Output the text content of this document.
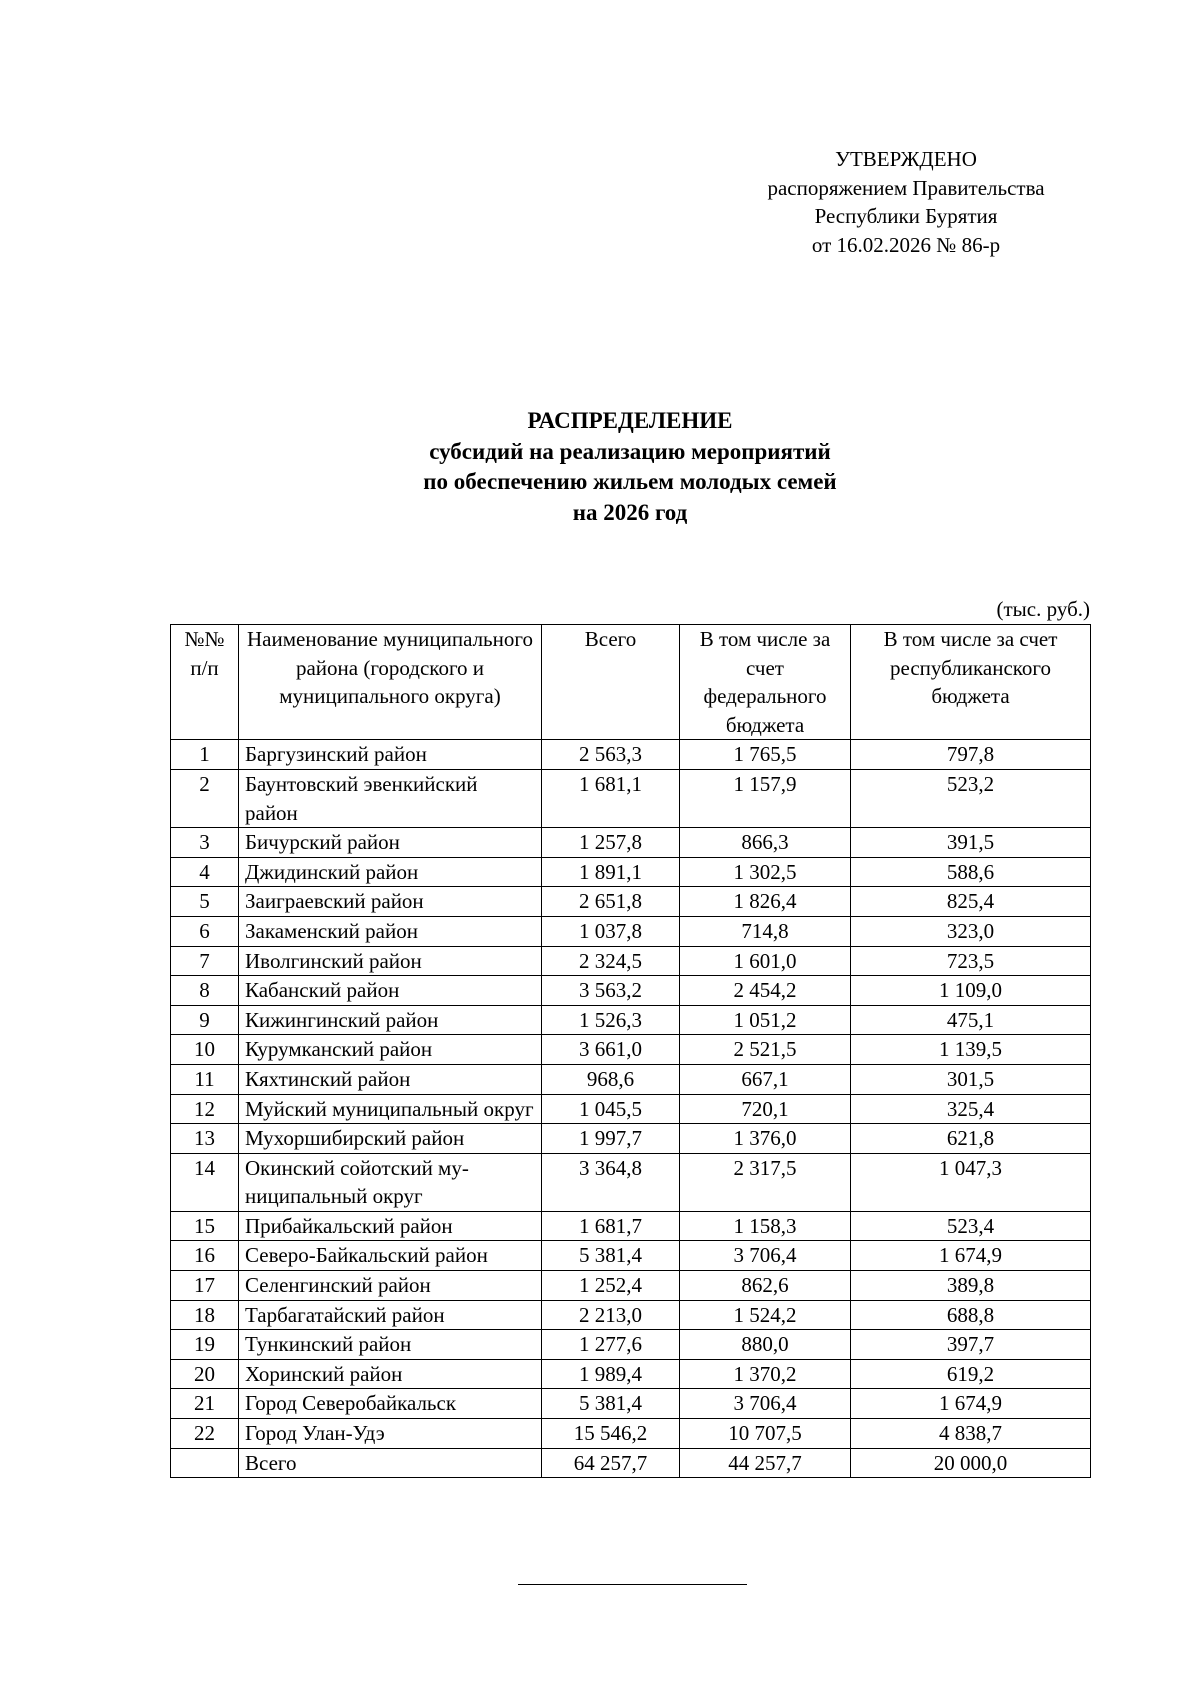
УТВЕРЖДЕНО
распоряжением Правительства
Республики Бурятия
от 16.02.2026 № 86-р
РАСПРЕДЕЛЕНИЕ
субсидий на реализацию мероприятий
по обеспечению жильем молодых семей
на 2026 год
(тыс. руб.)
№№ п/п	Наименование муниципального района (городского и муниципального округа)	Всего	В том числе за счет федерального бюджета	В том числе за счет республиканского бюджета
1	Баргузинский район	2 563,3	1 765,5	797,8
2	Баунтовский эвенкийский район	1 681,1	1 157,9	523,2
3	Бичурский район	1 257,8	866,3	391,5
4	Джидинский район	1 891,1	1 302,5	588,6
5	Заиграевский район	2 651,8	1 826,4	825,4
6	Закаменский район	1 037,8	714,8	323,0
7	Иволгинский район	2 324,5	1 601,0	723,5
8	Кабанский район	3 563,2	2 454,2	1 109,0
9	Кижингинский район	1 526,3	1 051,2	475,1
10	Курумканский район	3 661,0	2 521,5	1 139,5
11	Кяхтинский район	968,6	667,1	301,5
12	Муйский муниципальный округ	1 045,5	720,1	325,4
13	Мухоршибирский район	1 997,7	1 376,0	621,8
14	Окинский сойотский му-ниципальный округ	3 364,8	2 317,5	1 047,3
15	Прибайкальский район	1 681,7	1 158,3	523,4
16	Северо-Байкальский район	5 381,4	3 706,4	1 674,9
17	Селенгинский район	1 252,4	862,6	389,8
18	Тарбагатайский район	2 213,0	1 524,2	688,8
19	Тункинский район	1 277,6	880,0	397,7
20	Хоринский район	1 989,4	1 370,2	619,2
21	Город Северобайкальск	5 381,4	3 706,4	1 674,9
22	Город Улан-Удэ	15 546,2	10 707,5	4 838,7
	Всего	64 257,7	44 257,7	20 000,0
